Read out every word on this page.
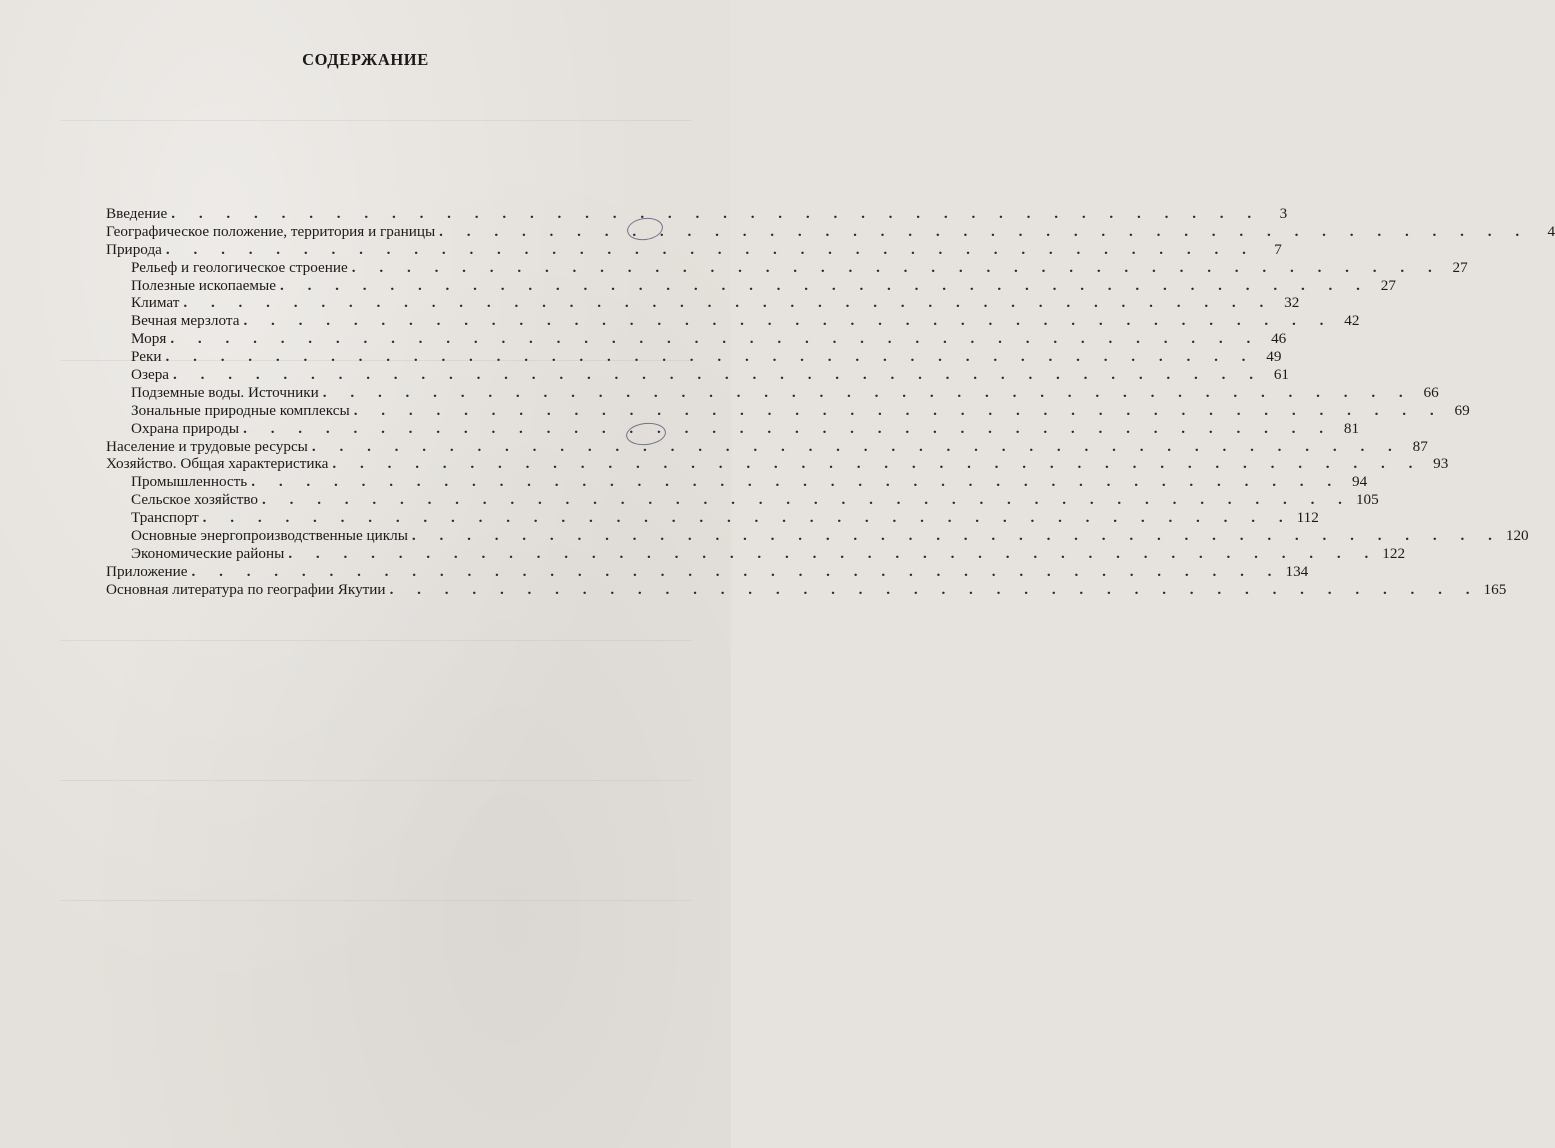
СОДЕРЖАНИЕ
Введение . . . . . . . . . . . . . . . . . . . . . . . . . . . . . . . . . . . . . . . .	3
Географическое положение, территория и границы . . . . . . . . . . . . . . . . . . . . . . . . . . . . . . . . . . . . . . . .	4
Природа . . . . . . . . . . . . . . . . . . . . . . . . . . . . . . . . . . . . . . . .	7
Рельеф и геологическое строение . . . . . . . . . . . . . . . . . . . . . . . . . . . . . . . . . . . . . . . . 27
Полезные ископаемые . . . . . . . . . . . . . . . . . . . . . . . . . . . . . . . . . . . . . . . . 27
Климат . . . . . . . . . . . . . . . . . . . . . . . . . . . . . . . . . . . . . . . . 32
Вечная мерзлота . . . . . . . . . . . . . . . . . . . . . . . . . . . . . . . . . . . . . . . . 42
Моря . . . . . . . . . . . . . . . . . . . . . . . . . . . . . . . . . . . . . . . . 46
Реки . . . . . . . . . . . . . . . . . . . . . . . . . . . . . . . . . . . . . . . . 49
Озера . . . . . . . . . . . . . . . . . . . . . . . . . . . . . . . . . . . . . . . . 61
Подземные воды. Источники . . . . . . . . . . . . . . . . . . . . . . . . . . . . . . . . . . . . . . . . 66
Зональные природные комплексы . . . . . . . . . . . . . . . . . . . . . . . . . . . . . . . . . . . . . . . . 69
Охрана природы . . . . . . . . . . . . . . . . . . . . . . . . . . . . . . . . . . . . . . . . 81
Население и трудовые ресурсы . . . . . . . . . . . . . . . . . . . . . . . . . . . . . . . . . . . . . . . . 87
Хозяйство. Общая характеристика . . . . . . . . . . . . . . . . . . . . . . . . . . . . . . . . . . . . . . . . 93
Промышленность . . . . . . . . . . . . . . . . . . . . . . . . . . . . . . . . . . . . . . . . 94
Сельское хозяйство . . . . . . . . . . . . . . . . . . . . . . . . . . . . . . . . . . . . . . . . 105
Транспорт . . . . . . . . . . . . . . . . . . . . . . . . . . . . . . . . . . . . . . . . 112
Основные энергопроизводственные циклы . . . . . . . . . . . . . . . . . . . . . . . . . . . . . . . . . . . . . . . . 120
Экономические районы . . . . . . . . . . . . . . . . . . . . . . . . . . . . . . . . . . . . . . . . 122
Приложение . . . . . . . . . . . . . . . . . . . . . . . . . . . . . . . . . . . . . . . . 134
Основная литература по географии Якутии . . . . . . . . . . . . . . . . . . . . . . . . . . . . . . . . . . . . . . . . 165
